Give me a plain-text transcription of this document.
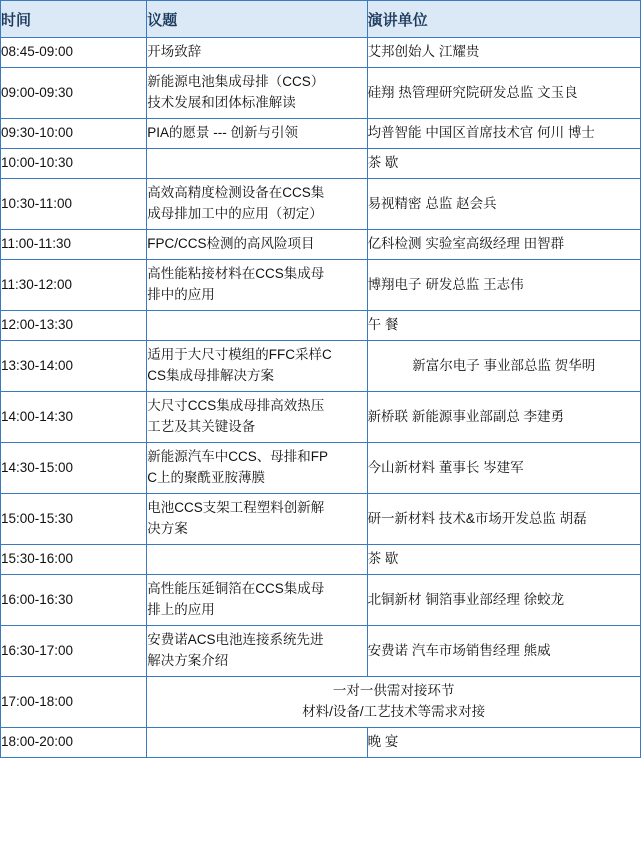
时间	议题	演讲单位
08:45-09:00	开场致辞	艾邦创始人 江耀贵

09:00-09:30	新能源电池集成母排（CCS）
技术发展和团体标准解读	硅翔 热管理研究院研发总监 文玉良

09:30-10:00	PIA的愿景 --- 创新与引领	均普智能 中国区首席技术官 何川 博士

10:00-10:30		茶 歇

10:30-11:00	高效高精度检测设备在CCS集
成母排加工中的应用（初定）	易视精密 总监 赵会兵

11:00-11:30	FPC/CCS检测的高风险项目	亿科检测 实验室高级经理 田智群

11:30-12:00	高性能粘接材料在CCS集成母
排中的应用	博翔电子 研发总监 王志伟

12:00-13:30		午 餐

13:30-14:00	适用于大尺寸模组的FFC采样C
CS集成母排解决方案	新富尔电子 事业部总监 贺华明

14:00-14:30	大尺寸CCS集成母排高效热压
工艺及其关键设备	新桥联 新能源事业部副总 李建勇

14:30-15:00	新能源汽车中CCS、母排和FP
C上的聚酰亚胺薄膜	今山新材料 董事长 岑建军

15:00-15:30	电池CCS支架工程塑料创新解
决方案	研一新材料 技术&市场开发总监 胡磊

15:30-16:00		茶 歇

16:00-16:30	高性能压延铜箔在CCS集成母
排上的应用	北铜新材 铜箔事业部经理 徐蛟龙

16:30-17:00	安费诺ACS电池连接系统先进
解决方案介绍	安费诺 汽车市场销售经理 熊威

17:00-18:00	一对一供需对接环节
材料/设备/工艺技术等需求对接	

18:00-20:00		晚 宴
